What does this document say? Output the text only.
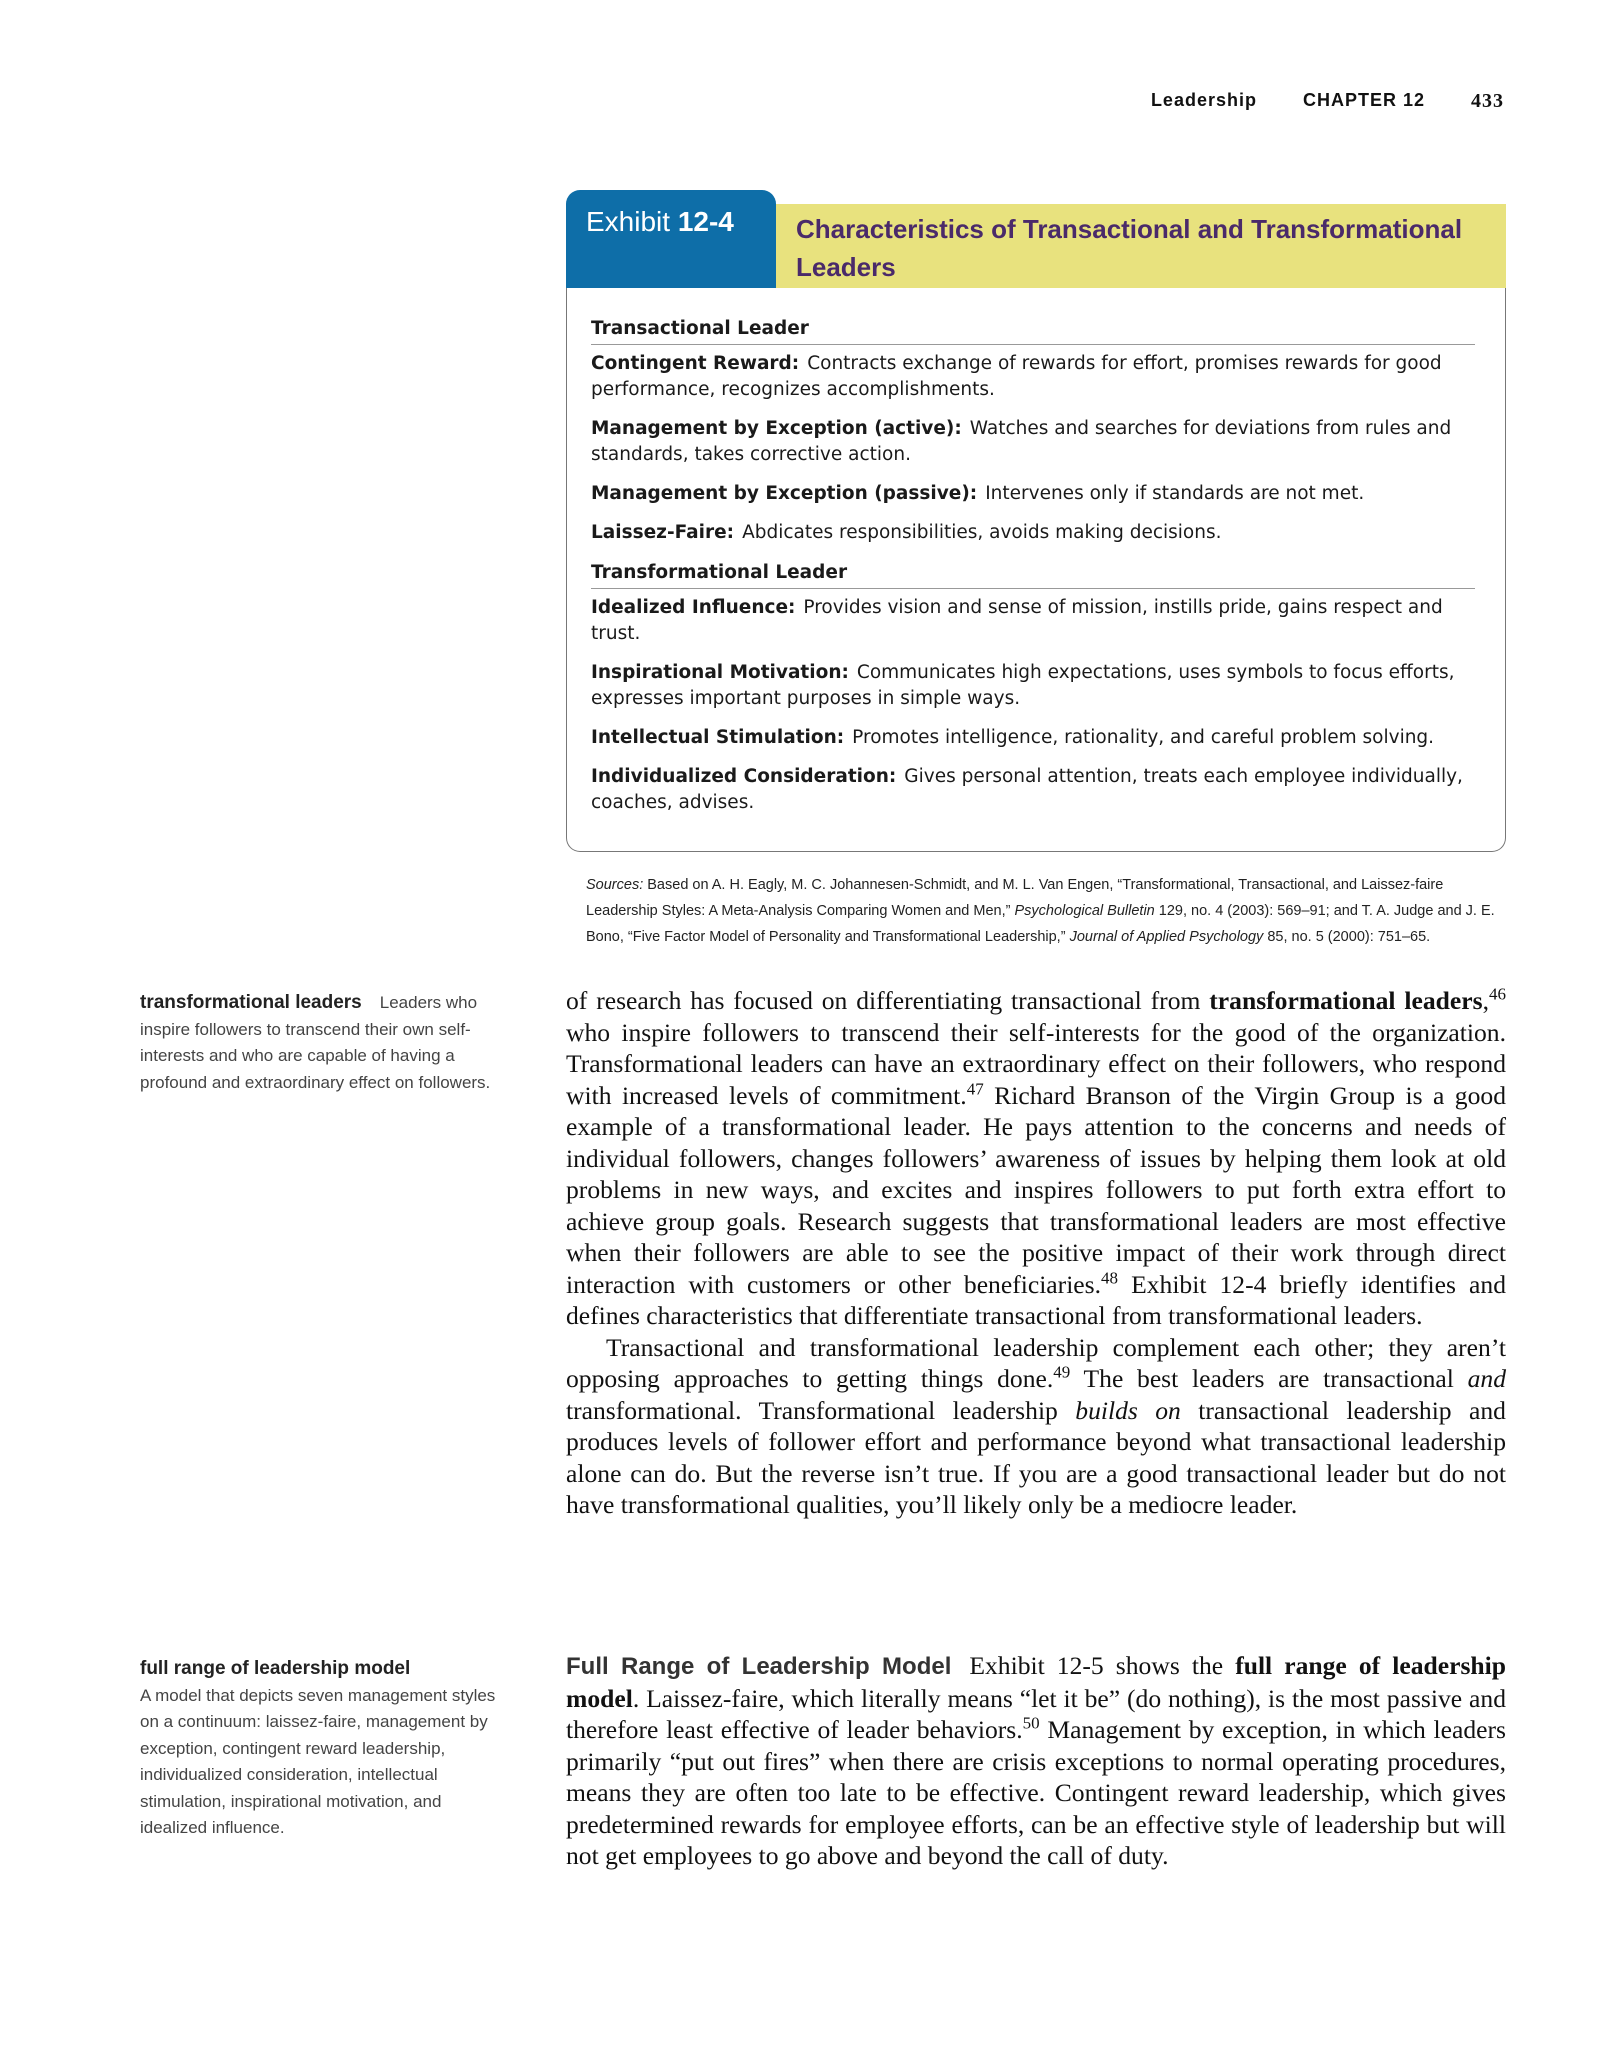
Leadership	CHAPTER 12 433
Exhibit 12-4	Characteristics of Transactional and Transformational Leaders
Transactional Leader
Contingent Reward: Contracts exchange of rewards for effort, promises rewards for good performance, recognizes accomplishments.
Management by Exception (active): Watches and searches for deviations from rules and standards, takes corrective action.
Management by Exception (passive): Intervenes only if standards are not met.
Laissez-Faire: Abdicates responsibilities, avoids making decisions.
Transformational Leader
Idealized Influence: Provides vision and sense of mission, instills pride, gains respect and trust.
Inspirational Motivation: Communicates high expectations, uses symbols to focus efforts, expresses important purposes in simple ways.
Intellectual Stimulation: Promotes intelligence, rationality, and careful problem solving.
Individualized Consideration: Gives personal attention, treats each employee individually, coaches, advises.
Sources: Based on A. H. Eagly, M. C. Johannesen-Schmidt, and M. L. Van Engen, “Transformational, Transactional, and Laissez-faire Leadership Styles: A Meta-Analysis Comparing Women and Men,” Psychological Bulletin 129, no. 4 (2003): 569–91; and T. A. Judge and J. E. Bono, “Five Factor Model of Personality and Transformational Leadership,” Journal of Applied Psychology 85, no. 5 (2000): 751–65.
transformational leaders Leaders who inspire followers to transcend their own self-interests and who are capable of having a profound and extraordinary effect on followers.
full range of leadership model
A model that depicts seven management styles on a continuum: laissez-faire, management by exception, contingent reward leadership, individualized consideration, intellectual stimulation, inspirational motivation, and idealized influence.

of research has focused on differentiating transactional from transformational leaders,$^{46}$ who inspire followers to transcend their self-interests for the good of the organization. Transformational leaders can have an extraordinary effect on their followers, who respond with increased levels of commitment.$^{47}$ Richard Branson of the Virgin Group is a good example of a transformational leader. He pays attention to the concerns and needs of individual followers, changes followers’ awareness of issues by helping them look at old problems in new ways, and excites and inspires followers to put forth extra effort to achieve group goals. Research suggests that transformational leaders are most effective when their followers are able to see the positive impact of their work through direct interaction with customers or other beneficiaries.$^{48}$ Exhibit 12-4 briefly identifies and defines characteristics that differentiate transactional from transformational leaders.

Transactional and transformational leadership complement each other; they aren’t opposing approaches to getting things done.$^{49}$ The best leaders are transactional and transformational. Transformational leadership builds on transactional leadership and produces levels of follower effort and performance beyond what transactional leadership alone can do. But the reverse isn’t true. If you are a good transactional leader but do not have transformational qualities, you’ll likely only be a mediocre leader.

Full Range of Leadership Model Exhibit 12-5 shows the full range of leadership model. Laissez-faire, which literally means “let it be” (do nothing), is the most passive and therefore least effective of leader behaviors.$^{50}$ Management by exception, in which leaders primarily “put out fires” when there are crisis exceptions to normal operating procedures, means they are often too late to be effective. Contingent reward leadership, which gives predetermined rewards for employee efforts, can be an effective style of leadership but will not get employees to go above and beyond the call of duty.
